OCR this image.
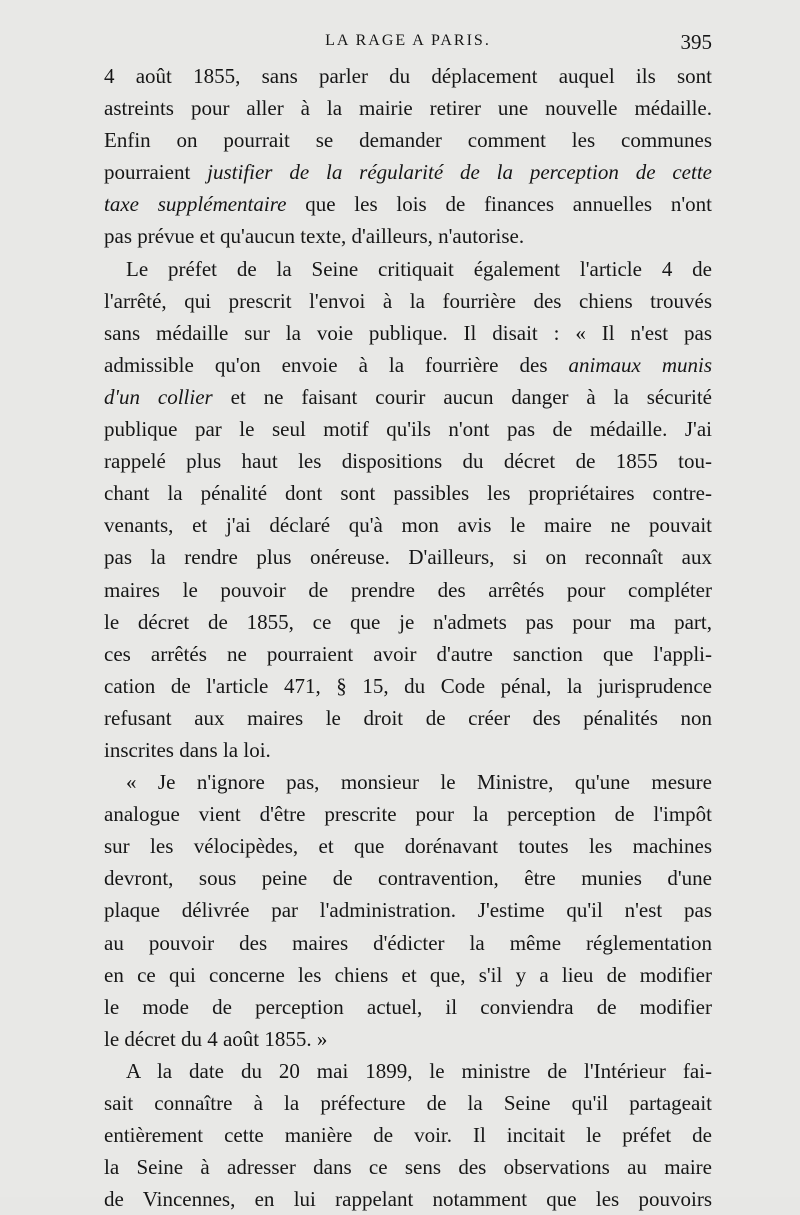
LA RAGE A PARIS.	395
4 août 1855, sans parler du déplacement auquel ils sont
astreints pour aller à la mairie retirer une nouvelle médaille.
Enfin on pourrait se demander comment les communes
pourraient justifier de la régularité de la perception de cette
taxe supplémentaire que les lois de finances annuelles n'ont
pas prévue et qu'aucun texte, d'ailleurs, n'autorise.
Le préfet de la Seine critiquait également l'article 4 de
l'arrêté, qui prescrit l'envoi à la fourrière des chiens trouvés
sans médaille sur la voie publique. Il disait : « Il n'est pas
admissible qu'on envoie à la fourrière des animaux munis
d'un collier et ne faisant courir aucun danger à la sécurité
publique par le seul motif qu'ils n'ont pas de médaille. J'ai
rappelé plus haut les dispositions du décret de 1855 tou-
chant la pénalité dont sont passibles les propriétaires contre-
venants, et j'ai déclaré qu'à mon avis le maire ne pouvait
pas la rendre plus onéreuse. D'ailleurs, si on reconnaît aux
maires le pouvoir de prendre des arrêtés pour compléter
le décret de 1855, ce que je n'admets pas pour ma part,
ces arrêtés ne pourraient avoir d'autre sanction que l'appli-
cation de l'article 471, § 15, du Code pénal, la jurisprudence
refusant aux maires le droit de créer des pénalités non
inscrites dans la loi.
« Je n'ignore pas, monsieur le Ministre, qu'une mesure
analogue vient d'être prescrite pour la perception de l'impôt
sur les vélocipèdes, et que dorénavant toutes les machines
devront, sous peine de contravention, être munies d'une
plaque délivrée par l'administration. J'estime qu'il n'est pas
au pouvoir des maires d'édicter la même réglementation
en ce qui concerne les chiens et que, s'il y a lieu de modifier
le mode de perception actuel, il conviendra de modifier
le décret du 4 août 1855. »
A la date du 20 mai 1899, le ministre de l'Intérieur fai-
sait connaître à la préfecture de la Seine qu'il partageait
entièrement cette manière de voir. Il incitait le préfet de
la Seine à adresser dans ce sens des observations au maire
de Vincennes, en lui rappelant notamment que les pouvoirs
